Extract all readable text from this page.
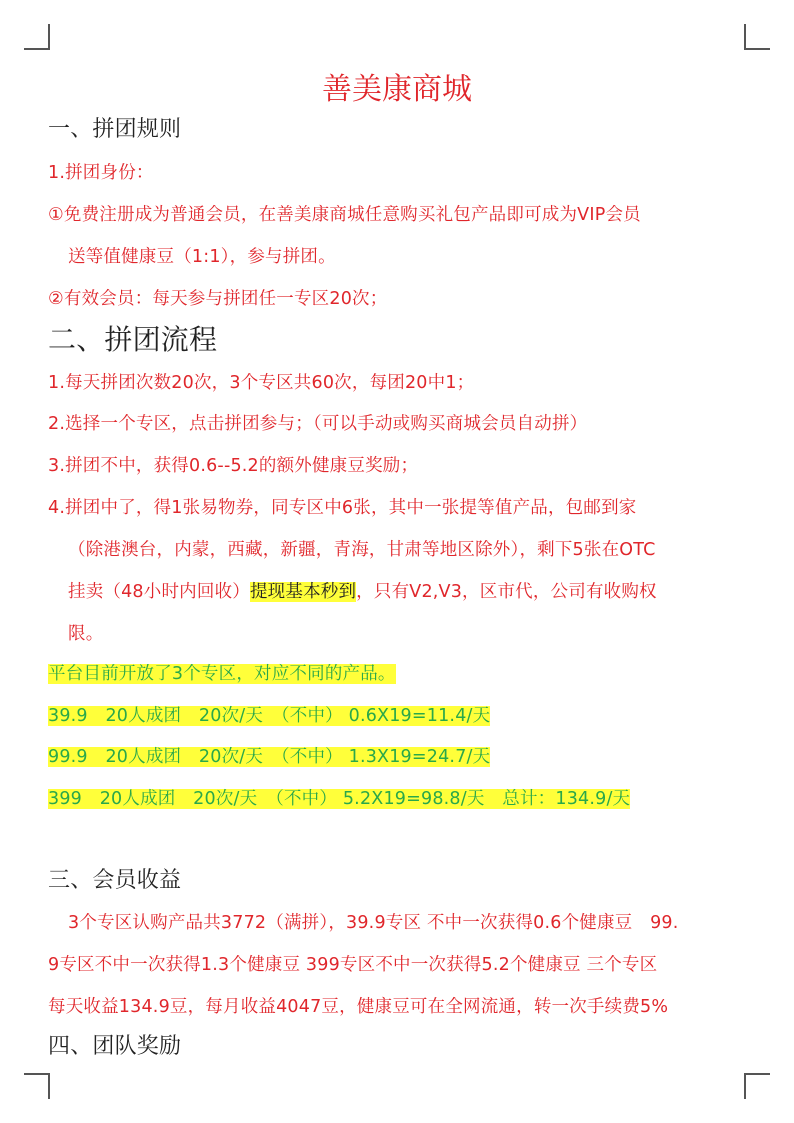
善美康商城
一、拼团规则
1.拼团身份：
①免费注册成为普通会员，在善美康商城任意购买礼包产品即可成为VIP会员
送等值健康豆（1:1），参与拼团。
②有效会员：每天参与拼团任一专区20次；
二、拼团流程
1.每天拼团次数20次，3个专区共60次，每团20中1；
2.选择一个专区，点击拼团参与；（可以手动或购买商城会员自动拼）
3.拼团不中，获得0.6--5.2的额外健康豆奖励；
4.拼团中了，得1张易物券，同专区中6张，其中一张提等值产品，包邮到家
（除港澳台，内蒙，西藏，新疆，青海，甘肃等地区除外），剩下5张在OTC
挂卖（48小时内回收）提现基本秒到，只有V2,V3，区市代，公司有收购权
限。
平台目前开放了3个专区，对应不同的产品。
39.9　20人成团　20次/天　（不中） 0.6X19=11.4/天
99.9　20人成团　20次/天　（不中） 1.3X19=24.7/天
399　20人成团　20次/天　（不中） 5.2X19=98.8/天　总计：134.9/天
三、会员收益
3个专区认购产品共3772（满拼），39.9专区 不中一次获得0.6个健康豆　99.
9专区不中一次获得1.3个健康豆 399专区不中一次获得5.2个健康豆 三个专区
每天收益134.9豆，每月收益4047豆，健康豆可在全网流通，转一次手续费5%
四、团队奖励
